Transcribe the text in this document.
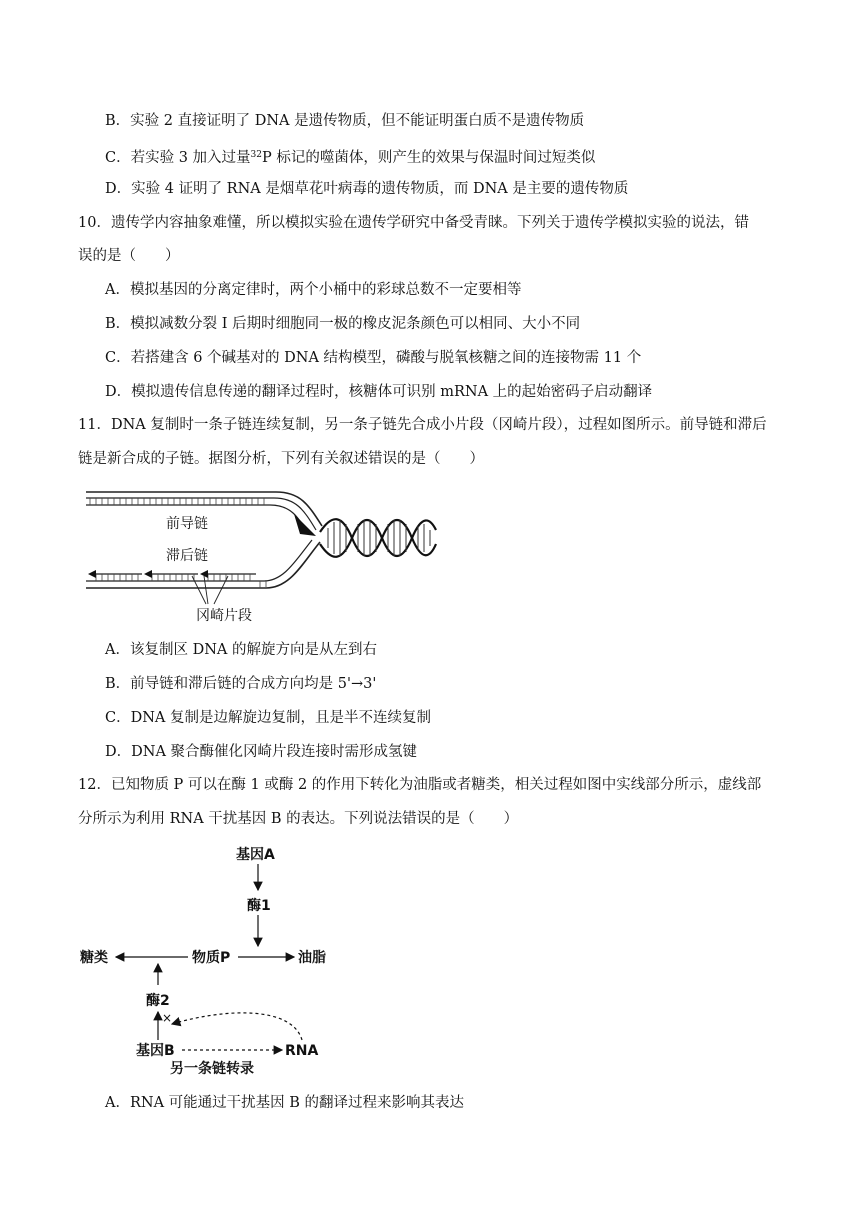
B．实验 2 直接证明了 DNA 是遗传物质，但不能证明蛋白质不是遗传物质
C．若实验 3 加入过量$^{32}$P 标记的噬菌体，则产生的效果与保温时间过短类似
D．实验 4 证明了 RNA 是烟草花叶病毒的遗传物质，而 DNA 是主要的遗传物质
10．遗传学内容抽象难懂，所以模拟实验在遗传学研究中备受青睐。下列关于遗传学模拟实验的说法，错
误的是（　　）
A．模拟基因的分离定律时，两个小桶中的彩球总数不一定要相等
B．模拟减数分裂 I 后期时细胞同一极的橡皮泥条颜色可以相同、大小不同
C．若搭建含 6 个碱基对的 DNA 结构模型，磷酸与脱氧核糖之间的连接物需 11 个
D．模拟遗传信息传递的翻译过程时，核糖体可识别 mRNA 上的起始密码子启动翻译
11．DNA 复制时一条子链连续复制，另一条子链先合成小片段（冈崎片段），过程如图所示。前导链和滞后
链是新合成的子链。据图分析，下列有关叙述错误的是（　　）
前导链
滞后链
冈崎片段
A．该复制区 DNA 的解旋方向是从左到右
B．前导链和滞后链的合成方向均是 5'→3'
C．DNA 复制是边解旋边复制，且是半不连续复制
D．DNA 聚合酶催化冈崎片段连接时需形成氢键
12．已知物质 P 可以在酶 1 或酶 2 的作用下转化为油脂或者糖类，相关过程如图中实线部分所示，虚线部
分所示为利用 RNA 干扰基因 B 的表达。下列说法错误的是（　　）
基因A
酶1
糖类	物质P	油脂
酶2
×
基因B	RNA
另一条链转录
A．RNA 可能通过干扰基因 B 的翻译过程来影响其表达
